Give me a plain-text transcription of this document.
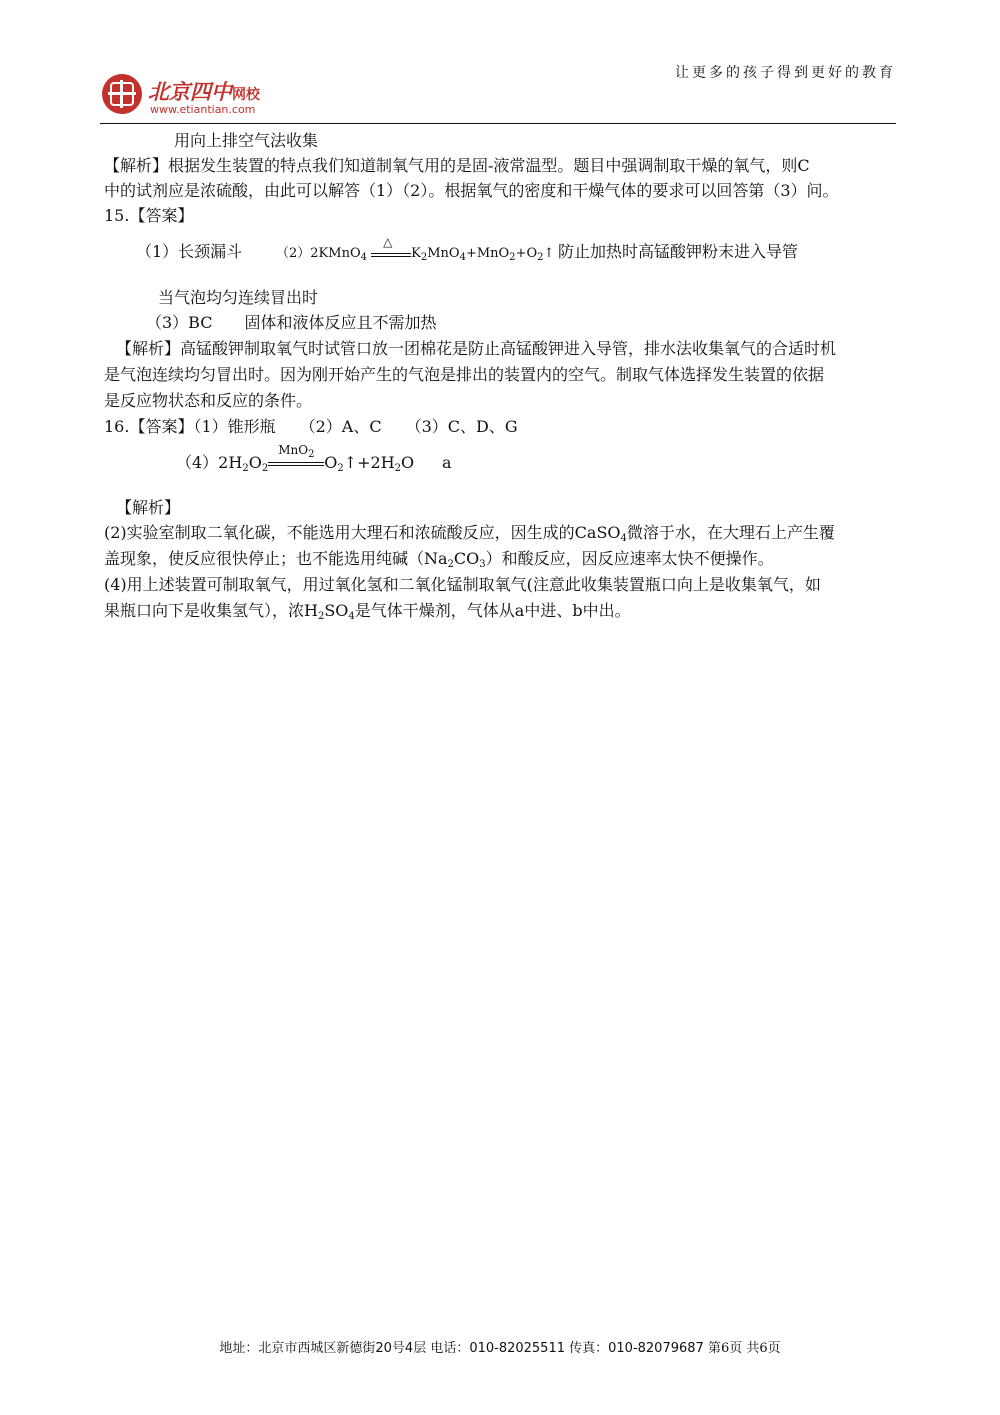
北京四中网校
www.etiantian.com
让更多的孩子得到更好的教育
用向上排空气法收集
【解析】根据发生装置的特点我们知道制氧气用的是固-液常温型。题目中强调制取干燥的氧气，则C
中的试剂应是浓硫酸，由此可以解答（1）（2）。根据氧气的密度和干燥气体的要求可以回答第（3）问。
15.【答案】
（1）长颈漏斗	（2）2KMnO$_4$
△
$K_2MnO_4+MnO_2+O_2↑$ 防止加热时高锰酸钾粉末进入导管
当气泡均匀连续冒出时
（3）BC　　固体和液体反应且不需加热
【解析】高锰酸钾制取氧气时试管口放一团棉花是防止高锰酸钾进入导管，排水法收集氧气的合适时机
是气泡连续均匀冒出时。因为刚开始产生的气泡是排出的装置内的空气。制取气体选择发生装置的依据
是反应物状态和反应的条件。
16.【答案】（1）锥形瓶　　（2）A、C　　（3）C、D、G
$(4)2H_2O_2$
MnO$_2$ $O_2↑+2H_2O$ a
【解析】
(2)实验室制取二氧化碳，不能选用大理石和浓硫酸反应，因生成的CaSO$_4$微溶于水，在大理石上产生覆
盖现象，使反应很快停止；也不能选用纯碱$(Na_2CO_3)$和酸反应，因反应速率太快不便操作。
(4)用上述装置可制取氧气，用过氧化氢和二氧化锰制取氧气(注意此收集装置瓶口向上是收集氧气，如
果瓶口向下是收集氢气），浓$H_2SO_4$是气体干燥剂，气体从a中进、b中出。
地址：北京市西城区新德街20号4层 电话：010-82025511 传真：010-82079687 第6页 共6页
